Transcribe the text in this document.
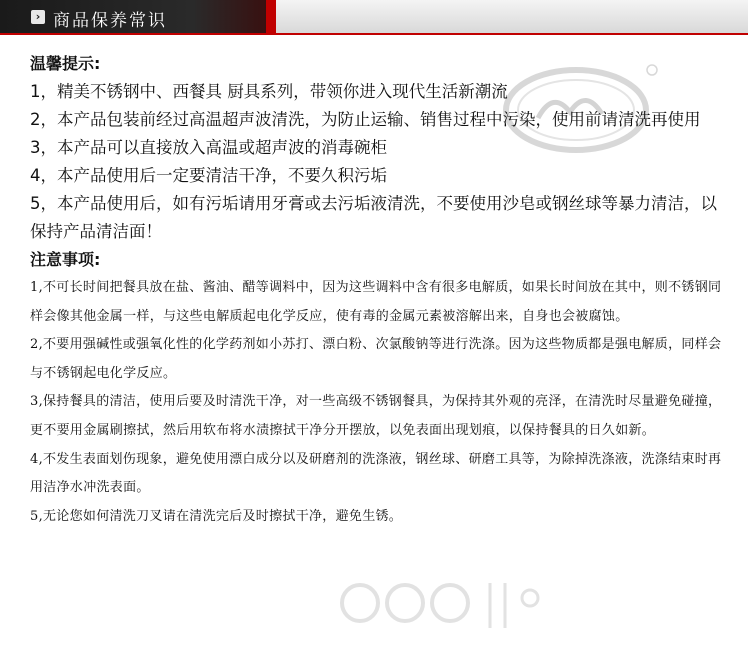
› 商品保养常识
温馨提示:

1，精美不锈钢中、西餐具 厨具系列，带领你进入现代生活新潮流

2，本产品包装前经过高温超声波清洗，为防止运输、销售过程中污染，使用前请清洗再使用

3，本产品可以直接放入高温或超声波的消毒碗柜

4，本产品使用后一定要清洁干净，不要久积污垢

5，本产品使用后，如有污垢请用牙膏或去污垢液清洗，不要使用沙皂或钢丝球等暴力清洁，以保持产品清洁面！

注意事项:

1,不可长时间把餐具放在盐、酱油、醋等调料中，因为这些调料中含有很多电解质，如果长时间放在其中，则不锈钢同样会像其他金属一样，与这些电解质起电化学反应，使有毒的金属元素被溶解出来，自身也会被腐蚀。

2,不要用强碱性或强氧化性的化学药剂如小苏打、漂白粉、次氯酸钠等进行洗涤。因为这些物质都是强电解质，同样会与不锈钢起电化学反应。

3,保持餐具的清洁，使用后要及时清洗干净，对一些高级不锈钢餐具，为保持其外观的亮泽，在清洗时尽量避免碰撞，更不要用金属刷擦拭，然后用软布将水渍擦拭干净分开摆放，以免表面出现划痕，以保持餐具的日久如新。

4,不发生表面划伤现象，避免使用漂白成分以及研磨剂的洗涤液，钢丝球、研磨工具等，为除掉洗涤液，洗涤结束时再用洁净水冲洗表面。

5,无论您如何清洗刀叉请在清洗完后及时擦拭干净，避免生锈。
